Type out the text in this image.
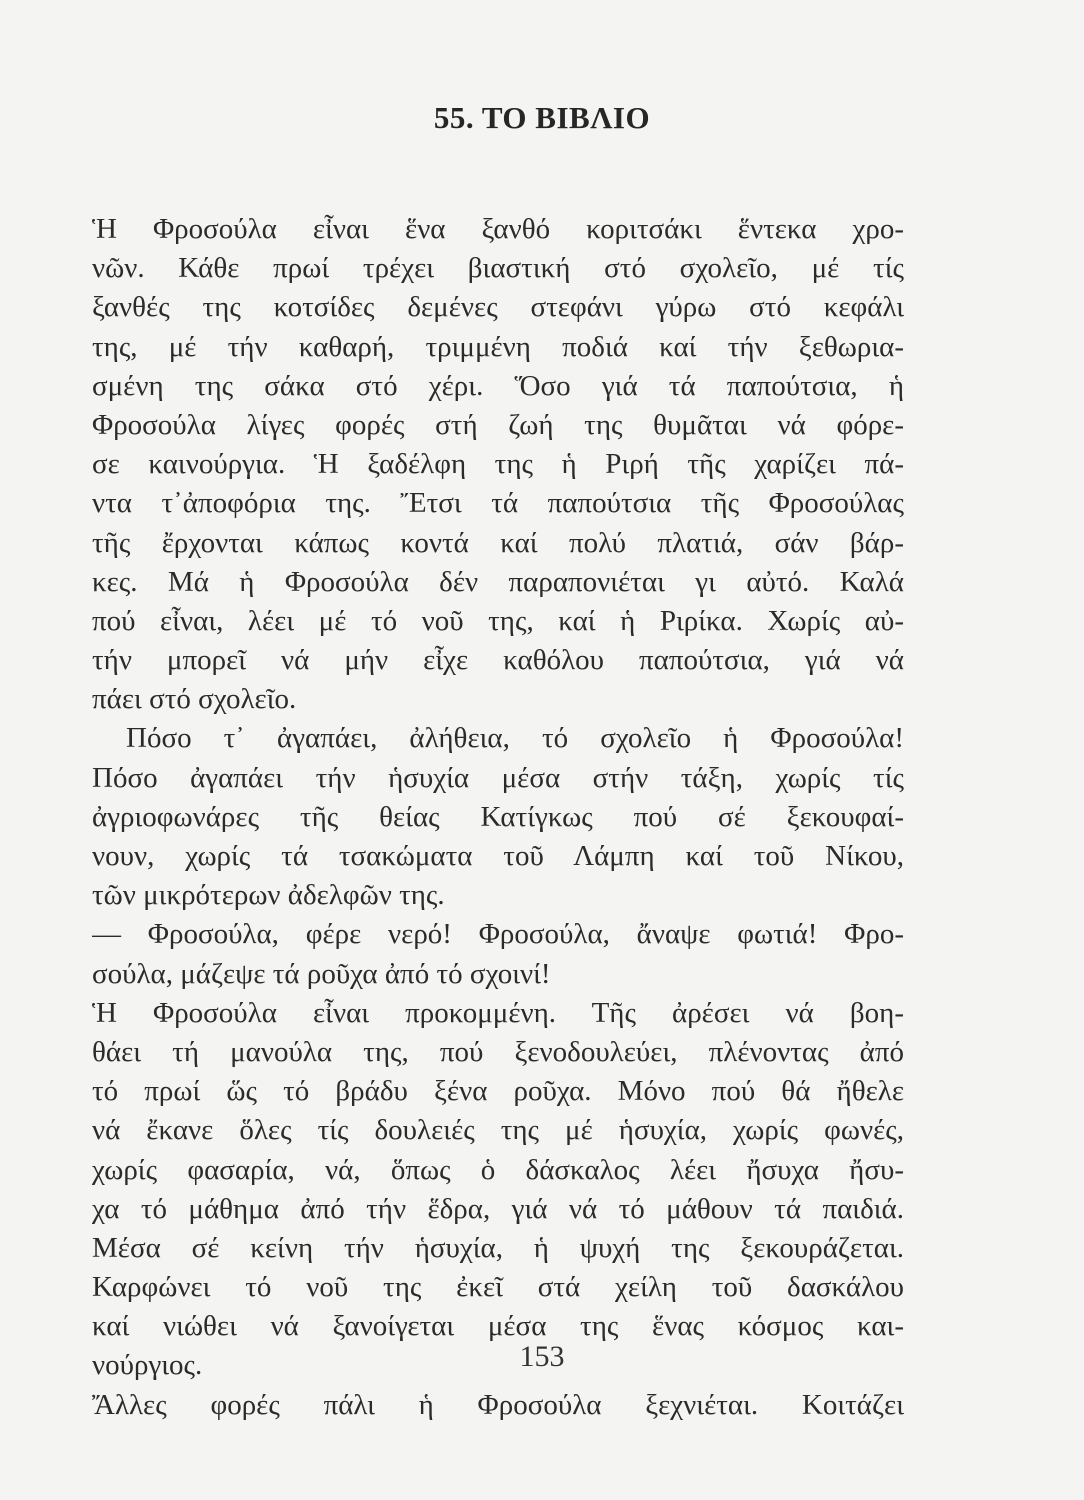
55. ΤΟ ΒΙΒΛΙΟ
Ἡ Φροσούλα εἶναι ἕνα ξανθό κοριτσάκι ἕντεκα χρο-
νῶν. Κάθε πρωί τρέχει βιαστική στό σχολεῖο, μέ τίς
ξανθές της κοτσίδες δεμένες στεφάνι γύρω στό κεφάλι
της, μέ τήν καθαρή, τριμμένη ποδιά καί τήν ξεθωρια-
σμένη της σάκα στό χέρι. Ὅσο γιά τά παπούτσια, ἡ
Φροσούλα λίγες φορές στή ζωή της θυμᾶται νά φόρε-
σε καινούργια. Ἡ ξαδέλφη της ἡ Ριρή τῆς χαρίζει πά-
ντα τ᾿ἀποφόρια της. Ἔτσι τά παπούτσια τῆς Φροσούλας
τῆς ἔρχονται κάπως κοντά καί πολύ πλατιά, σάν βάρ-
κες. Μά ἡ Φροσούλα δέν παραπονιέται γι αὐτό. Καλά
πού εἶναι, λέει μέ τό νοῦ της, καί ἡ Ριρίκα. Χωρίς αὐ-
τήν μπορεῖ νά μήν εἶχε καθόλου παπούτσια, γιά νά
πάει στό σχολεῖο.
Πόσο τ᾿ ἀγαπάει, ἀλήθεια, τό σχολεῖο ἡ Φροσούλα!
Πόσο ἀγαπάει τήν ἡσυχία μέσα στήν τάξη, χωρίς τίς
ἀγριοφωνάρες τῆς θείας Κατίγκως πού σέ ξεκουφαί-
νουν, χωρίς τά τσακώματα τοῦ Λάμπη καί τοῦ Νίκου,
τῶν μικρότερων ἀδελφῶν της.
— Φροσούλα, φέρε νερό! Φροσούλα, ἄναψε φωτιά! Φρο-
σούλα, μάζεψε τά ροῦχα ἀπό τό σχοινί!
Ἡ Φροσούλα εἶναι προκομμένη. Τῆς ἀρέσει νά βοη-
θάει τή μανούλα της, πού ξενοδουλεύει, πλένοντας ἀπό
τό πρωί ὥς τό βράδυ ξένα ροῦχα. Μόνο πού θά ἤθελε
νά ἔκανε ὅλες τίς δουλειές της μέ ἡσυχία, χωρίς φωνές,
χωρίς φασαρία, νά, ὅπως ὁ δάσκαλος λέει ἤσυχα ἤσυ-
χα τό μάθημα ἀπό τήν ἕδρα, γιά νά τό μάθουν τά παιδιά.
Μέσα σέ κείνη τήν ἡσυχία, ἡ ψυχή της ξεκουράζεται.
Καρφώνει τό νοῦ της ἐκεῖ στά χείλη τοῦ δασκάλου
καί νιώθει νά ξανοίγεται μέσα της ἕνας κόσμος και-
νούργιος.
Ἄλλες φορές πάλι ἡ Φροσούλα ξεχνιέται. Κοιτάζει
153
